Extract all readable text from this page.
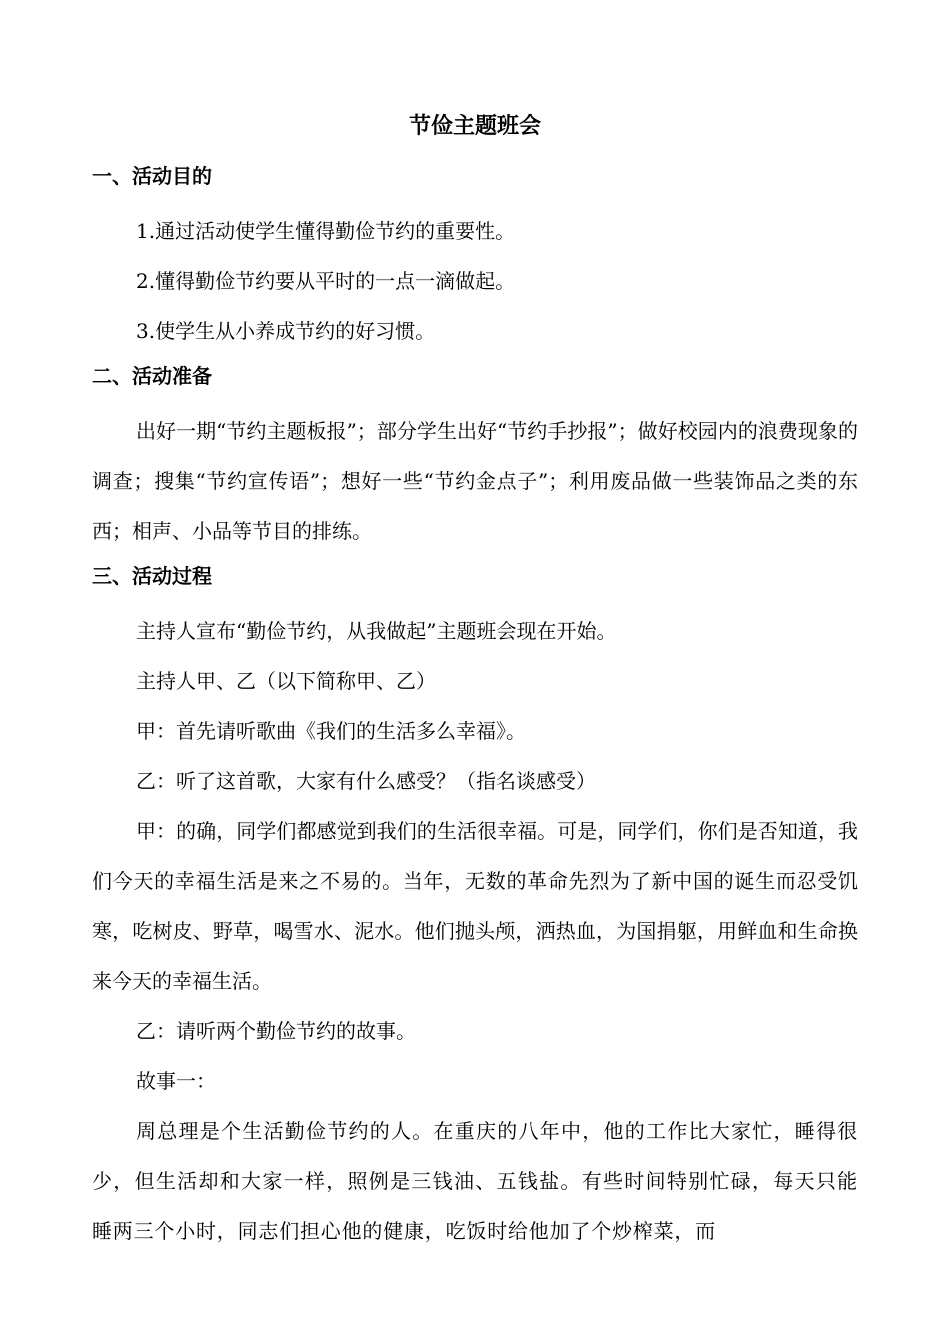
节俭主题班会
一、活动目的

1.通过活动使学生懂得勤俭节约的重要性。

2.懂得勤俭节约要从平时的一点一滴做起。

3.使学生从小养成节约的好习惯。

二、活动准备

出好一期“节约主题板报”；部分学生出好“节约手抄报”；做好校园内的浪费现象的调查；搜集“节约宣传语”；想好一些“节约金点子”；利用废品做一些装饰品之类的东西；相声、小品等节目的排练。

三、活动过程

主持人宣布“勤俭节约，从我做起”主题班会现在开始。

主持人甲、乙（以下简称甲、乙）

甲：首先请听歌曲《我们的生活多么幸福》。

乙：听了这首歌，大家有什么感受？（指名谈感受）

甲：的确，同学们都感觉到我们的生活很幸福。可是，同学们，你们是否知道，我们今天的幸福生活是来之不易的。当年，无数的革命先烈为了新中国的诞生而忍受饥寒，吃树皮、野草，喝雪水、泥水。他们抛头颅，洒热血，为国捐躯，用鲜血和生命换来今天的幸福生活。

乙：请听两个勤俭节约的故事。

故事一：

周总理是个生活勤俭节约的人。在重庆的八年中，他的工作比大家忙，睡得很少，但生活却和大家一样，照例是三钱油、五钱盐。有些时间特别忙碌，每天只能睡两三个小时，同志们担心他的健康，吃饭时给他加了个炒榨菜，而
